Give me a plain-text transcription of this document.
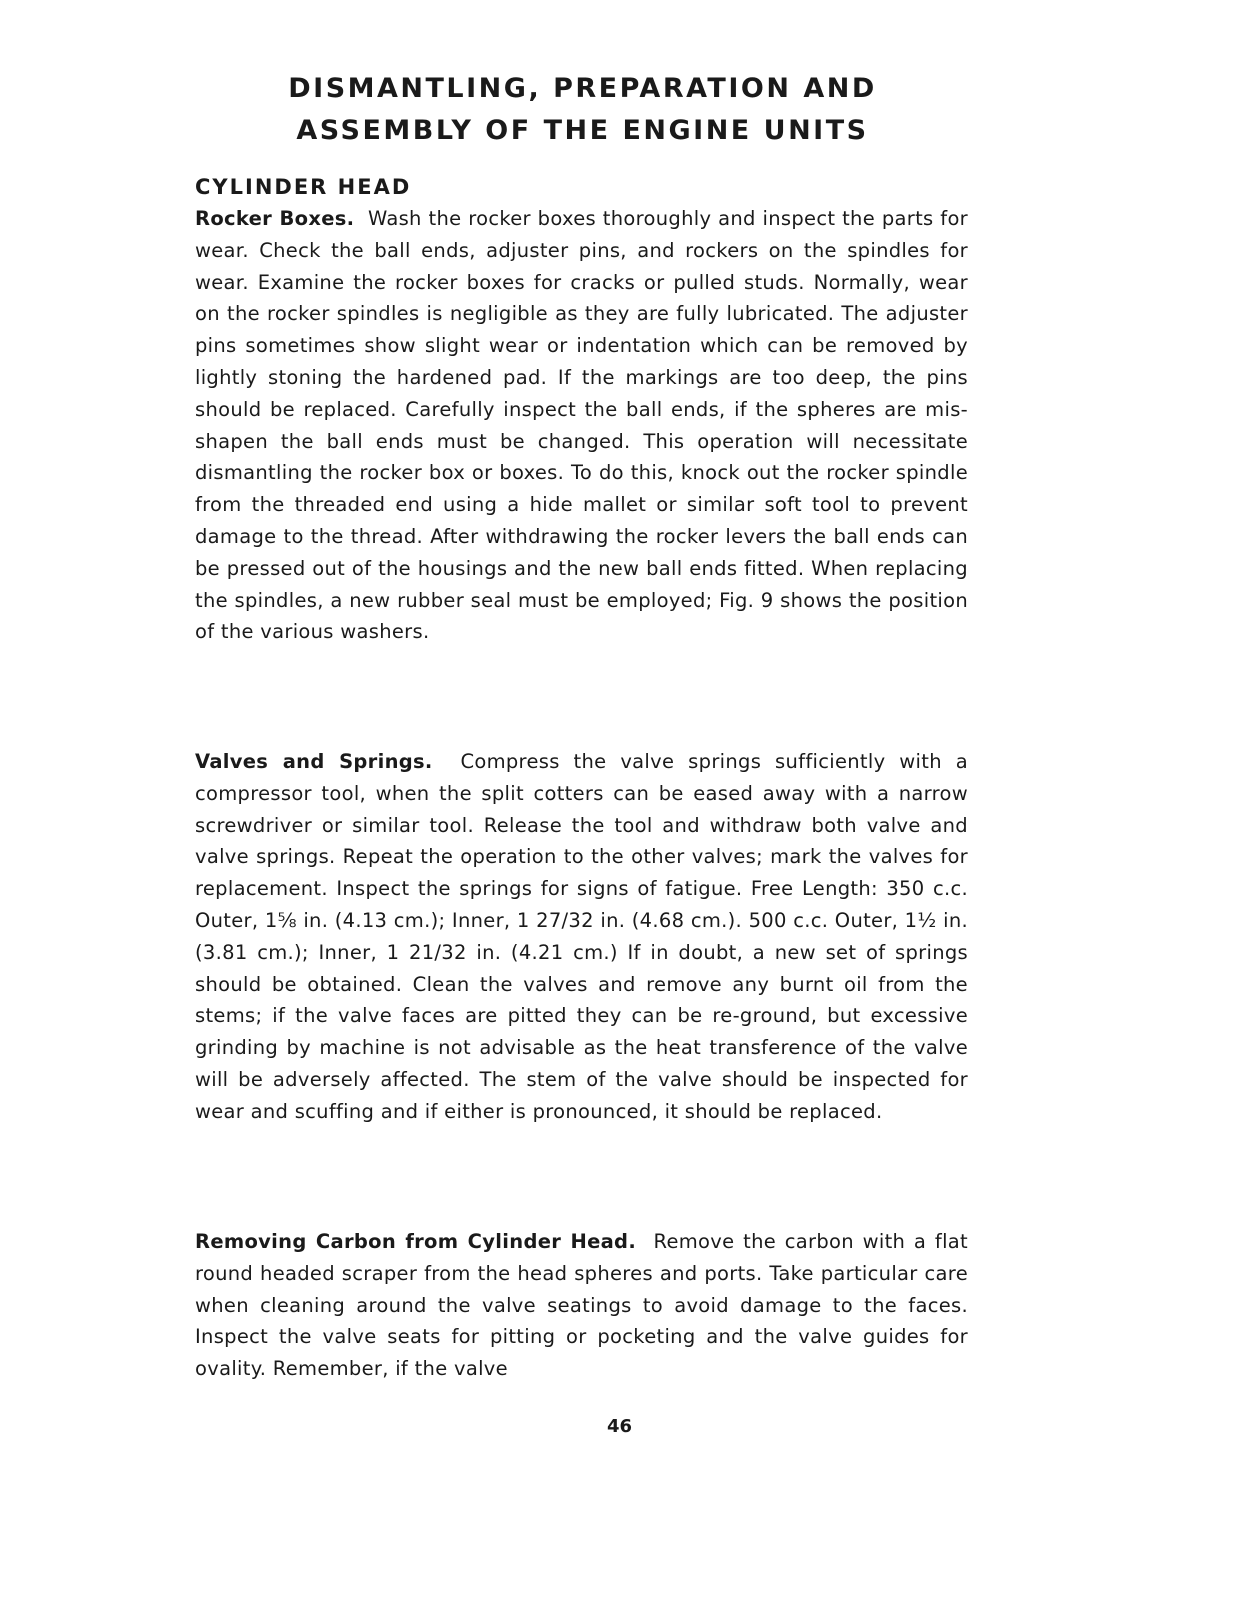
DISMANTLING, PREPARATION AND
ASSEMBLY OF THE ENGINE UNITS
CYLINDER HEAD

Rocker Boxes. Wash the rocker boxes thoroughly and inspect the parts for wear. Check the ball ends, adjuster pins, and rockers on the spindles for wear. Examine the rocker boxes for cracks or pulled studs. Normally, wear on the rocker spindles is negligible as they are fully lubricated. The adjuster pins sometimes show slight wear or indentation which can be removed by lightly stoning the hardened pad. If the markings are too deep, the pins should be replaced. Carefully inspect the ball ends, if the spheres are mis-shapen the ball ends must be changed. This operation will necessitate dismantling the rocker box or boxes. To do this, knock out the rocker spindle from the threaded end using a hide mallet or similar soft tool to prevent damage to the thread. After withdrawing the rocker levers the ball ends can be pressed out of the housings and the new ball ends fitted. When replacing the spindles, a new rubber seal must be employed; Fig. 9 shows the position of the various washers.

Valves and Springs. Compress the valve springs sufficiently with a compressor tool, when the split cotters can be eased away with a narrow screwdriver or similar tool. Release the tool and withdraw both valve and valve springs. Repeat the operation to the other valves; mark the valves for replacement. Inspect the springs for signs of fatigue. Free Length: 350 c.c. Outer, 1⅝ in. (4.13 cm.); Inner, 1 27/32 in. (4.68 cm.). 500 c.c. Outer, 1½ in. (3.81 cm.); Inner, 1 21/32 in. (4.21 cm.) If in doubt, a new set of springs should be obtained. Clean the valves and remove any burnt oil from the stems; if the valve faces are pitted they can be re-ground, but excessive grinding by machine is not advisable as the heat transference of the valve will be adversely affected. The stem of the valve should be inspected for wear and scuffing and if either is pronounced, it should be replaced.

Removing Carbon from Cylinder Head. Remove the carbon with a flat round headed scraper from the head spheres and ports. Take particular care when cleaning around the valve seatings to avoid damage to the faces. Inspect the valve seats for pitting or pocketing and the valve guides for ovality. Remember, if the valve

46
